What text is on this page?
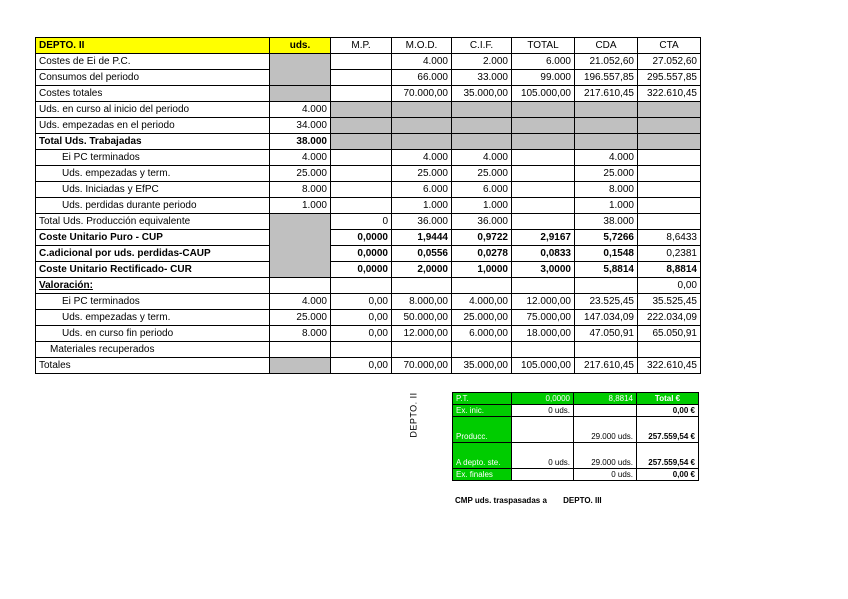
DEPTO. II	uds.	M.P.	M.O.D.	C.I.F.	TOTAL	CDA	CTA
Costes de Ei de P.C.			4.000	2.000	6.000	21.052,60	27.052,60
Consumos del periodo			66.000	33.000	99.000	196.557,85	295.557,85
Costes totales			70.000,00	35.000,00	105.000,00	217.610,45	322.610,45
Uds. en curso al inicio del periodo	4.000						
Uds. empezadas en el periodo	34.000						
Total Uds. Trabajadas	38.000						
Ei PC terminados	4.000		4.000	4.000		4.000	
Uds. empezadas y term.	25.000		25.000	25.000		25.000	
Uds. Iniciadas y EfPC	8.000		6.000	6.000		8.000	
Uds. perdidas durante periodo	1.000		1.000	1.000		1.000	
Total Uds. Producción equivalente		0	36.000	36.000		38.000	
Coste Unitario Puro - CUP		0,0000	1,9444	0,9722	2,9167	5,7266	8,6433
C.adicional por uds. perdidas-CAUP		0,0000	0,0556	0,0278	0,0833	0,1548	0,2381
Coste Unitario Rectificado- CUR		0,0000	2,0000	1,0000	3,0000	5,8814	8,8814
Valoración:							0,00
Ei PC terminados	4.000	0,00	8.000,00	4.000,00	12.000,00	23.525,45	35.525,45
Uds. empezadas y term.	25.000	0,00	50.000,00	25.000,00	75.000,00	147.034,09	222.034,09
Uds. en curso fin periodo	8.000	0,00	12.000,00	6.000,00	18.000,00	47.050,91	65.050,91
Materiales recuperados							
Totales		0,00	70.000,00	35.000,00	105.000,00	217.610,45	322.610,45
DEPTO. II	P.T.	0,0000	8,8814	Total €
Ex. inic.	0 uds.		0,00 €
Producc.		29.000 uds.	257.559,54 €
A depto. ste.	0 uds.	29.000 uds.	257.559,54 €
Ex. finales		0 uds.	0,00 €
CMP uds. traspasadas a DEPTO. III
